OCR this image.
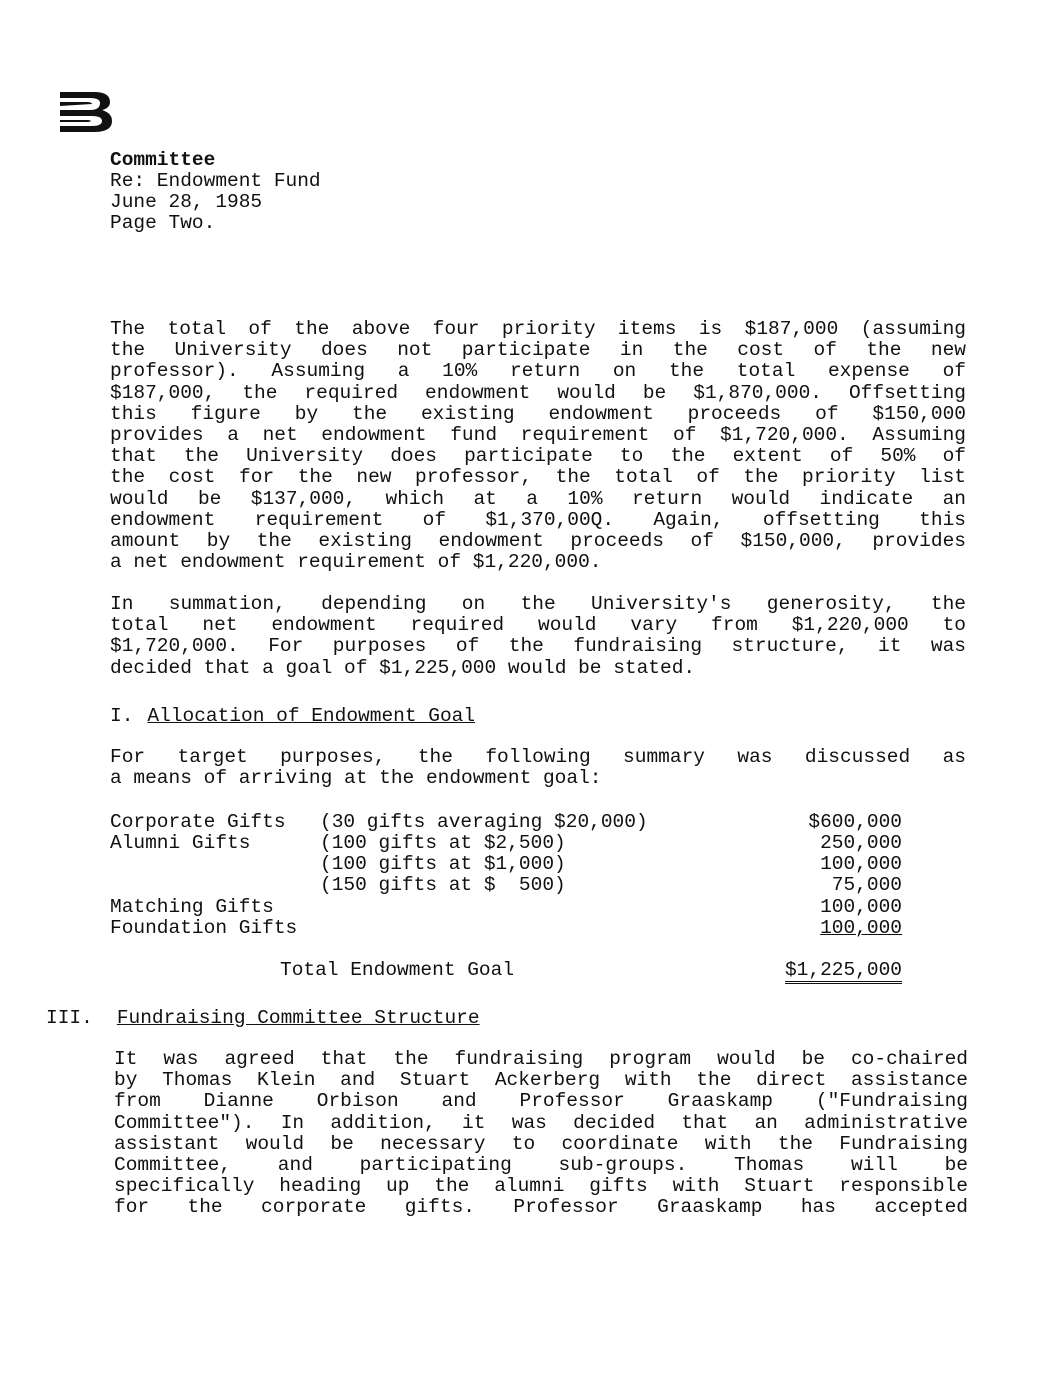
Committee
Re: Endowment Fund
June 28, 1985
Page Two.
The total of the above four priority items is $187,000 (assuming
the University does not participate in the cost of the new
professor). Assuming a 10% return on the total expense of
$187,000, the required endowment would be $1,870,000. Offsetting
this figure by the existing endowment proceeds of $150,000
provides a net endowment fund requirement of $1,720,000. Assuming
that the University does participate to the extent of 50% of
the cost for the new professor, the total of the priority list
would be $137,000, which at a 10% return would indicate an
endowment requirement of $1,370,00Q. Again, offsetting this
amount by the existing endowment proceeds of $150,000, provides
a net endowment requirement of $1,220,000.
In summation, depending on the University's generosity, the
total net endowment required would vary from $1,220,000 to
$1,720,000. For purposes of the fundraising structure, it was
decided that a goal of $1,225,000 would be stated.
I. Allocation of Endowment Goal
For target purposes, the following summary was discussed as
a means of arriving at the endowment goal:
Corporate Gifts (30 gifts averaging $20,000)	$600,000
Alumni Gifts	(100 gifts at $2,500)	250,000
(100 gifts at $1,000)	100,000
(150 gifts at $  500)	75,000
Matching Gifts	100,000
Foundation Gifts	100,000
Total Endowment Goal	$1,225,000
III. Fundraising Committee Structure
It was agreed that the fundraising program would be co-chaired
by Thomas Klein and Stuart Ackerberg with the direct assistance
from Dianne Orbison and Professor Graaskamp ("Fundraising
Committee"). In addition, it was decided that an administrative
assistant would be necessary to coordinate with the Fundraising
Committee, and participating sub-groups. Thomas will be
specifically heading up the alumni gifts with Stuart responsible
for the corporate gifts. Professor Graaskamp has accepted
